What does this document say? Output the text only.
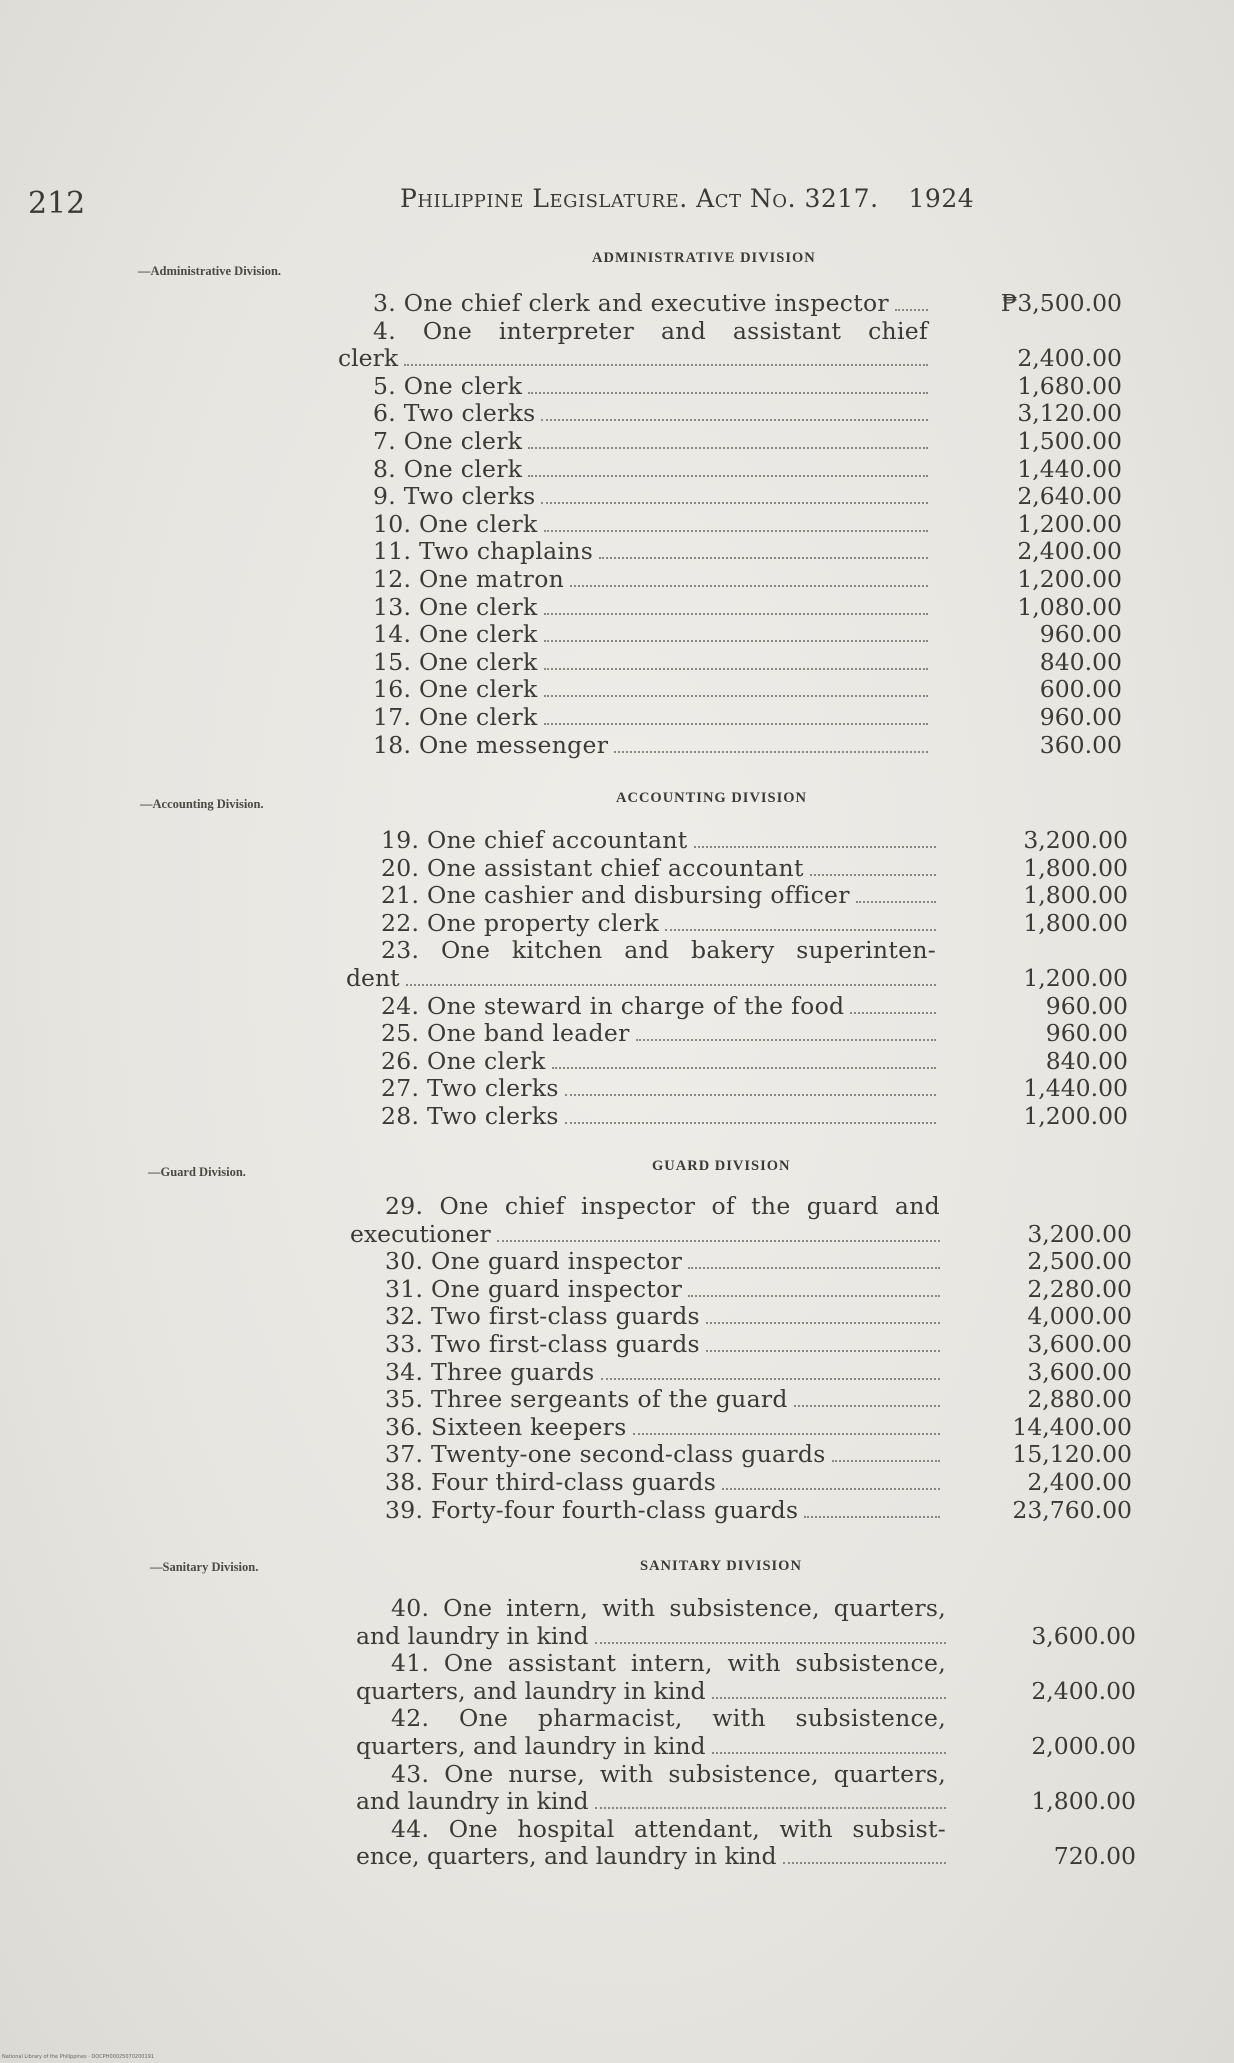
212	Philippine Legislature. Act No. 3217. 1924
—Administrative Division.
ADMINISTRATIVE DIVISION
3. One chief clerk and executive inspector	₱3,500.00
4. One interpreter and assistant chief
clerk	2,400.00
5. One clerk	1,680.00
6. Two clerks	3,120.00
7. One clerk	1,500.00
8. One clerk	1,440.00
9. Two clerks	2,640.00
10. One clerk	1,200.00
11. Two chaplains	2,400.00
12. One matron	1,200.00
13. One clerk	1,080.00
14. One clerk	960.00
15. One clerk	840.00
16. One clerk	600.00
17. One clerk	960.00
18. One messenger	360.00
—Accounting Division.	ACCOUNTING DIVISION
19. One chief accountant	3,200.00
20. One assistant chief accountant	1,800.00
21. One cashier and disbursing officer	1,800.00
22. One property clerk	1,800.00
23. One kitchen and bakery superinten-
dent	1,200.00
24. One steward in charge of the food	960.00
25. One band leader	960.00
26. One clerk	840.00
27. Two clerks	1,440.00
28. Two clerks	1,200.00
—Guard Division.	GUARD DIVISION
29. One chief inspector of the guard and
executioner	3,200.00
30. One guard inspector	2,500.00
31. One guard inspector	2,280.00
32. Two first-class guards	4,000.00
33. Two first-class guards	3,600.00
34. Three guards	3,600.00
35. Three sergeants of the guard	2,880.00
36. Sixteen keepers	14,400.00
37. Twenty-one second-class guards	15,120.00
38. Four third-class guards	2,400.00
39. Forty-four fourth-class guards	23,760.00
—Sanitary Division.	SANITARY DIVISION
40. One intern, with subsistence, quarters,
and laundry in kind	3,600.00
41. One assistant intern, with subsistence,
quarters, and laundry in kind	2,400.00
42. One pharmacist, with subsistence,
quarters, and laundry in kind	2,000.00
43. One nurse, with subsistence, quarters,
and laundry in kind	1,800.00
44. One hospital attendant, with subsist-
ence, quarters, and laundry in kind	720.00
National Library of the Philippines · DOCPH00025070200191
